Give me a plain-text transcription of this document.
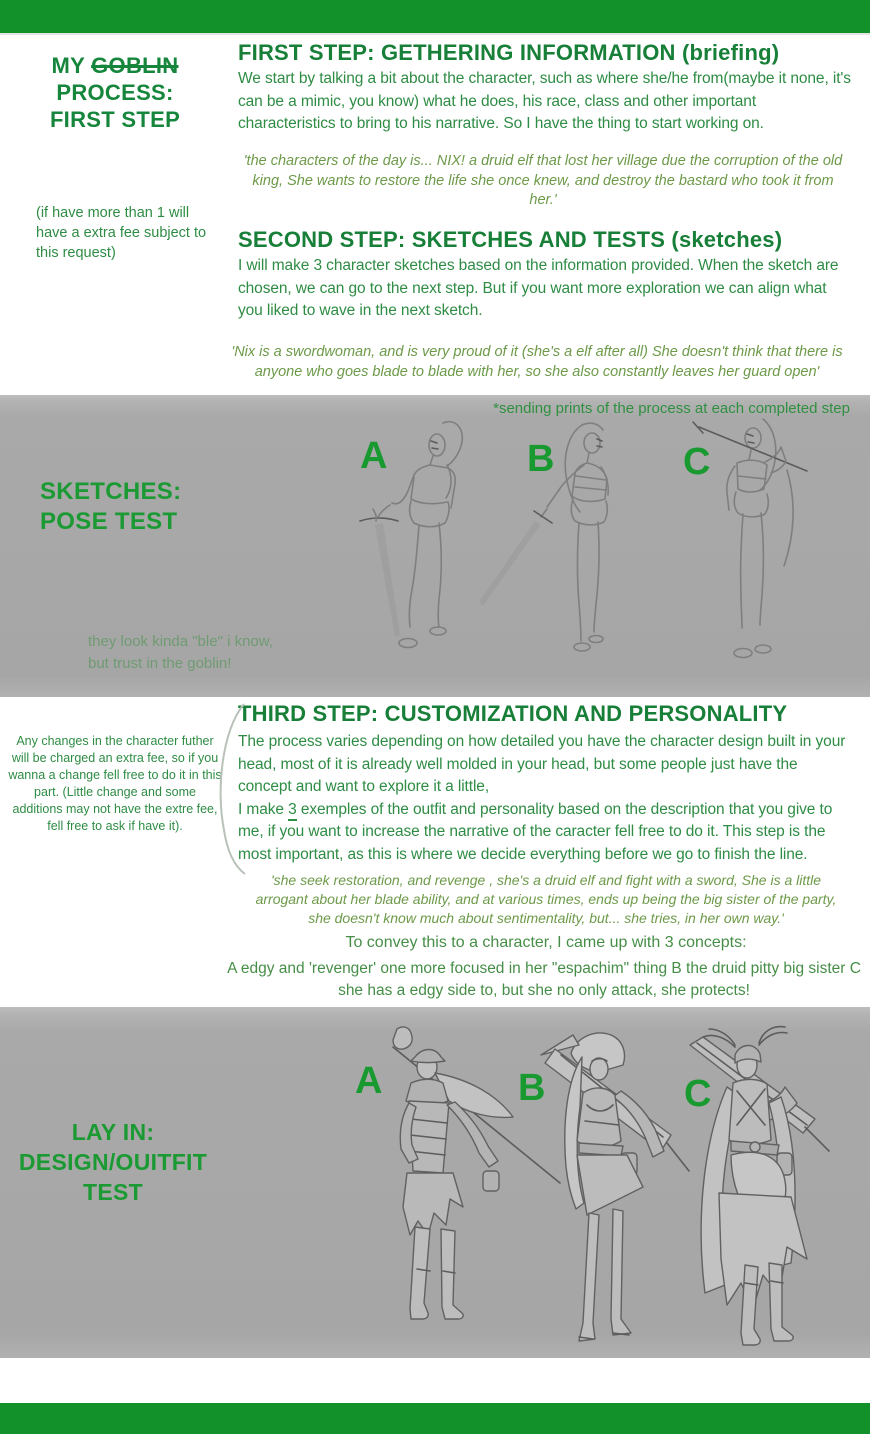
MY GOBLIN
PROCESS:
FIRST STEP
FIRST STEP: GETHERING INFORMATION (briefing)
We start by talking a bit about the character, such as where she/he from(maybe it none, it's can be a mimic, you know) what he does, his race, class and other important characteristics to bring to his narrative. So I have the thing to start working on.
'the characters of the day is... NIX! a druid elf that lost her village due the corruption of the old king, She wants to restore the life she once knew, and destroy the bastard who took it from her.'
(if have more than 1 will have a extra fee subject to this request)
SECOND STEP: SKETCHES AND TESTS (sketches)
I will make 3 character sketches based on the information provided. When the sketch are chosen, we can go to the next step. But if you want more exploration we can align what you liked to wave in the next sketch.
'Nix is a swordwoman, and is very proud of it (she's a elf after all) She doesn't think that there is anyone who goes blade to blade with her, so she also constantly leaves her guard open'
*sending prints of the process at each completed step
SKETCHES:
POSE TEST
A	B	C
they look kinda "ble" i know,
but trust in the goblin!
THIRD STEP: CUSTOMIZATION AND PERSONALITY
Any changes in the character futher will be charged an extra fee, so if you wanna a change fell free to do it in this part. (Little change and some additions may not have the extre fee, fell free to ask if have it).
The process varies depending on how detailed you have the character design built in your head, most of it is already well molded in your head, but some people just have the concept and want to explore it a little,
I make 3 exemples of the outfit and personality based on the description that you give to me, if you want to increase the narrative of the caracter fell free to do it. This step is the most important, as this is where we decide everything before we go to finish the line.
'she seek restoration, and revenge , she's a druid elf and fight with a sword, She is a little arrogant about her blade ability, and at various times, ends up being the big sister of the party, she doesn't know much about sentimentality, but... she tries, in her own way.'
To convey this to a character, I came up with 3 concepts:
A edgy and 'revenger' one more focused in her "espachim" thing B the druid pitty big sister C she has a edgy side to, but she no only attack, she protects!
LAY IN:
DESIGN/OUITFIT
TEST
A	B	C
